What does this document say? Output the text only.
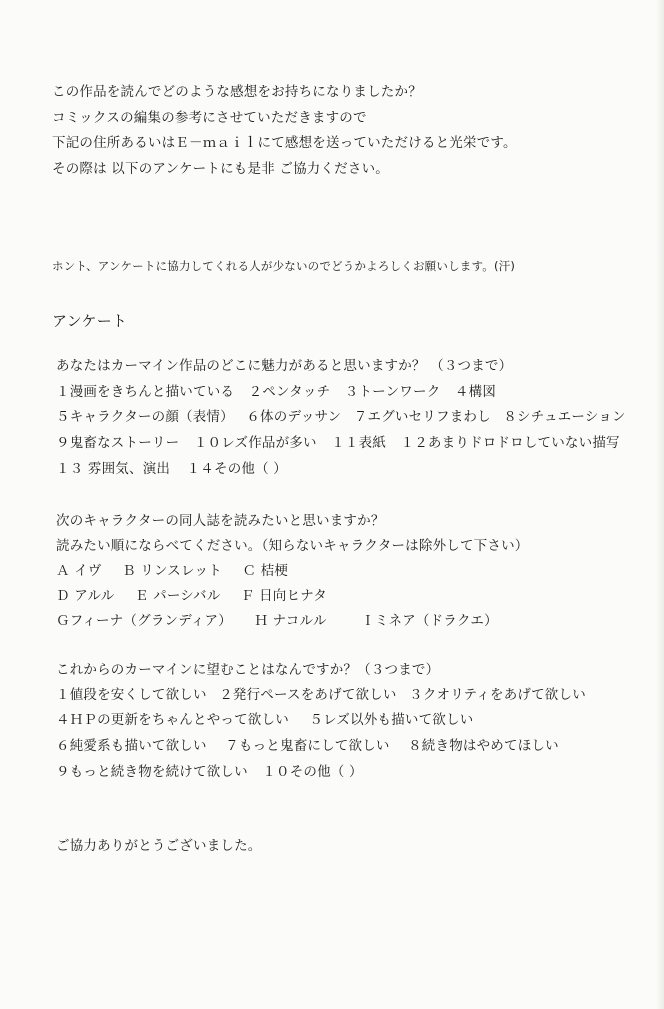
この作品を読んでどのような感想をお持ちになりましたか？
コミックスの編集の参考にさせていただきますので
下記の住所あるいはＥ－ｍａｉｌにて感想を送っていただけると光栄です。
その際は 以下のアンケートにも是非 ご協力ください。
ホント、アンケートに協力してくれる人が少ないのでどうかよろしくお願いします。(汗)
アンケート
あなたはカーマイン作品のどこに魅力があると思いますか？ （３つまで）
１漫画をきちんと描いている ２ペンタッチ ３トーンワーク ４構図
５キャラクターの顔（表情） ６体のデッサン ７エグいセリフまわし ８シチュエーション
９鬼畜なストーリー １０レズ作品が多い １１表紙 １２あまりドロドロしていない描写
１３ 雰囲気、演出 １４その他（ ）
次のキャラクターの同人誌を読みたいと思いますか？
読みたい順にならべてください。（知らないキャラクターは除外して下さい）
Ａ イヴ Ｂ リンスレット Ｃ 桔梗
Ｄ アルル Ｅ パーシバル Ｆ 日向ヒナタ
Ｇフィーナ（グランディア） Ｈ ナコルル	Ｉミネア（ドラクエ）
これからのカーマインに望むことはなんですか？（３つまで）
１値段を安くして欲しい ２発行ペースをあげて欲しい ３クオリティをあげて欲しい
４ＨＰの更新をちゃんとやって欲しい ５レズ以外も描いて欲しい
６純愛系も描いて欲しい ７もっと鬼畜にして欲しい ８続き物はやめてほしい
９もっと続き物を続けて欲しい １０その他（ ）
ご協力ありがとうございました。
